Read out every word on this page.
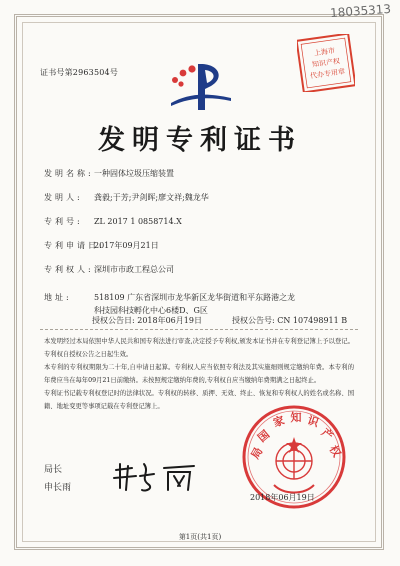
18035313
证书号第2963504号
上海市
知识产权
代办专用章
发明专利证书
发明名称:一种固体垃圾压缩装置
发明人: 龚毅;于芳;尹剑晖;廖文祥;魏龙华
专利号: ZL 2017 1 0858714.X
专利申请日:2017年09月21日
专利权人:深圳市市政工程总公司
地址:	518109 广东省深圳市龙华新区龙华街道和平东路港之龙
科技园科技孵化中心6楼D、G区
授权公告日: 2018年06月19日	授权公告号: CN 107498911 B

本发明经过本局依照中华人民共和国专利法进行审查,决定授予专利权,颁发本证书并在专利登记簿上予以登记。专利权自授权公告之日起生效。

本专利的专利权期限为二十年,自申请日起算。专利权人应当依照专利法及其实施细则规定缴纳年费。本专利的年费应当在每年09月21日前缴纳。未按照规定缴纳年费的,专利权自应当缴纳年费期满之日起终止。

专利证书记载专利权登记时的法律状况。专利权的转移、质押、无效、终止、恢复和专利权人的姓名或名称、国籍、地址变更等事项记载在专利登记簿上。

局长
申长雨
国
家 知 识
产
权
局
2018年06月19日
第1页(共1页)
